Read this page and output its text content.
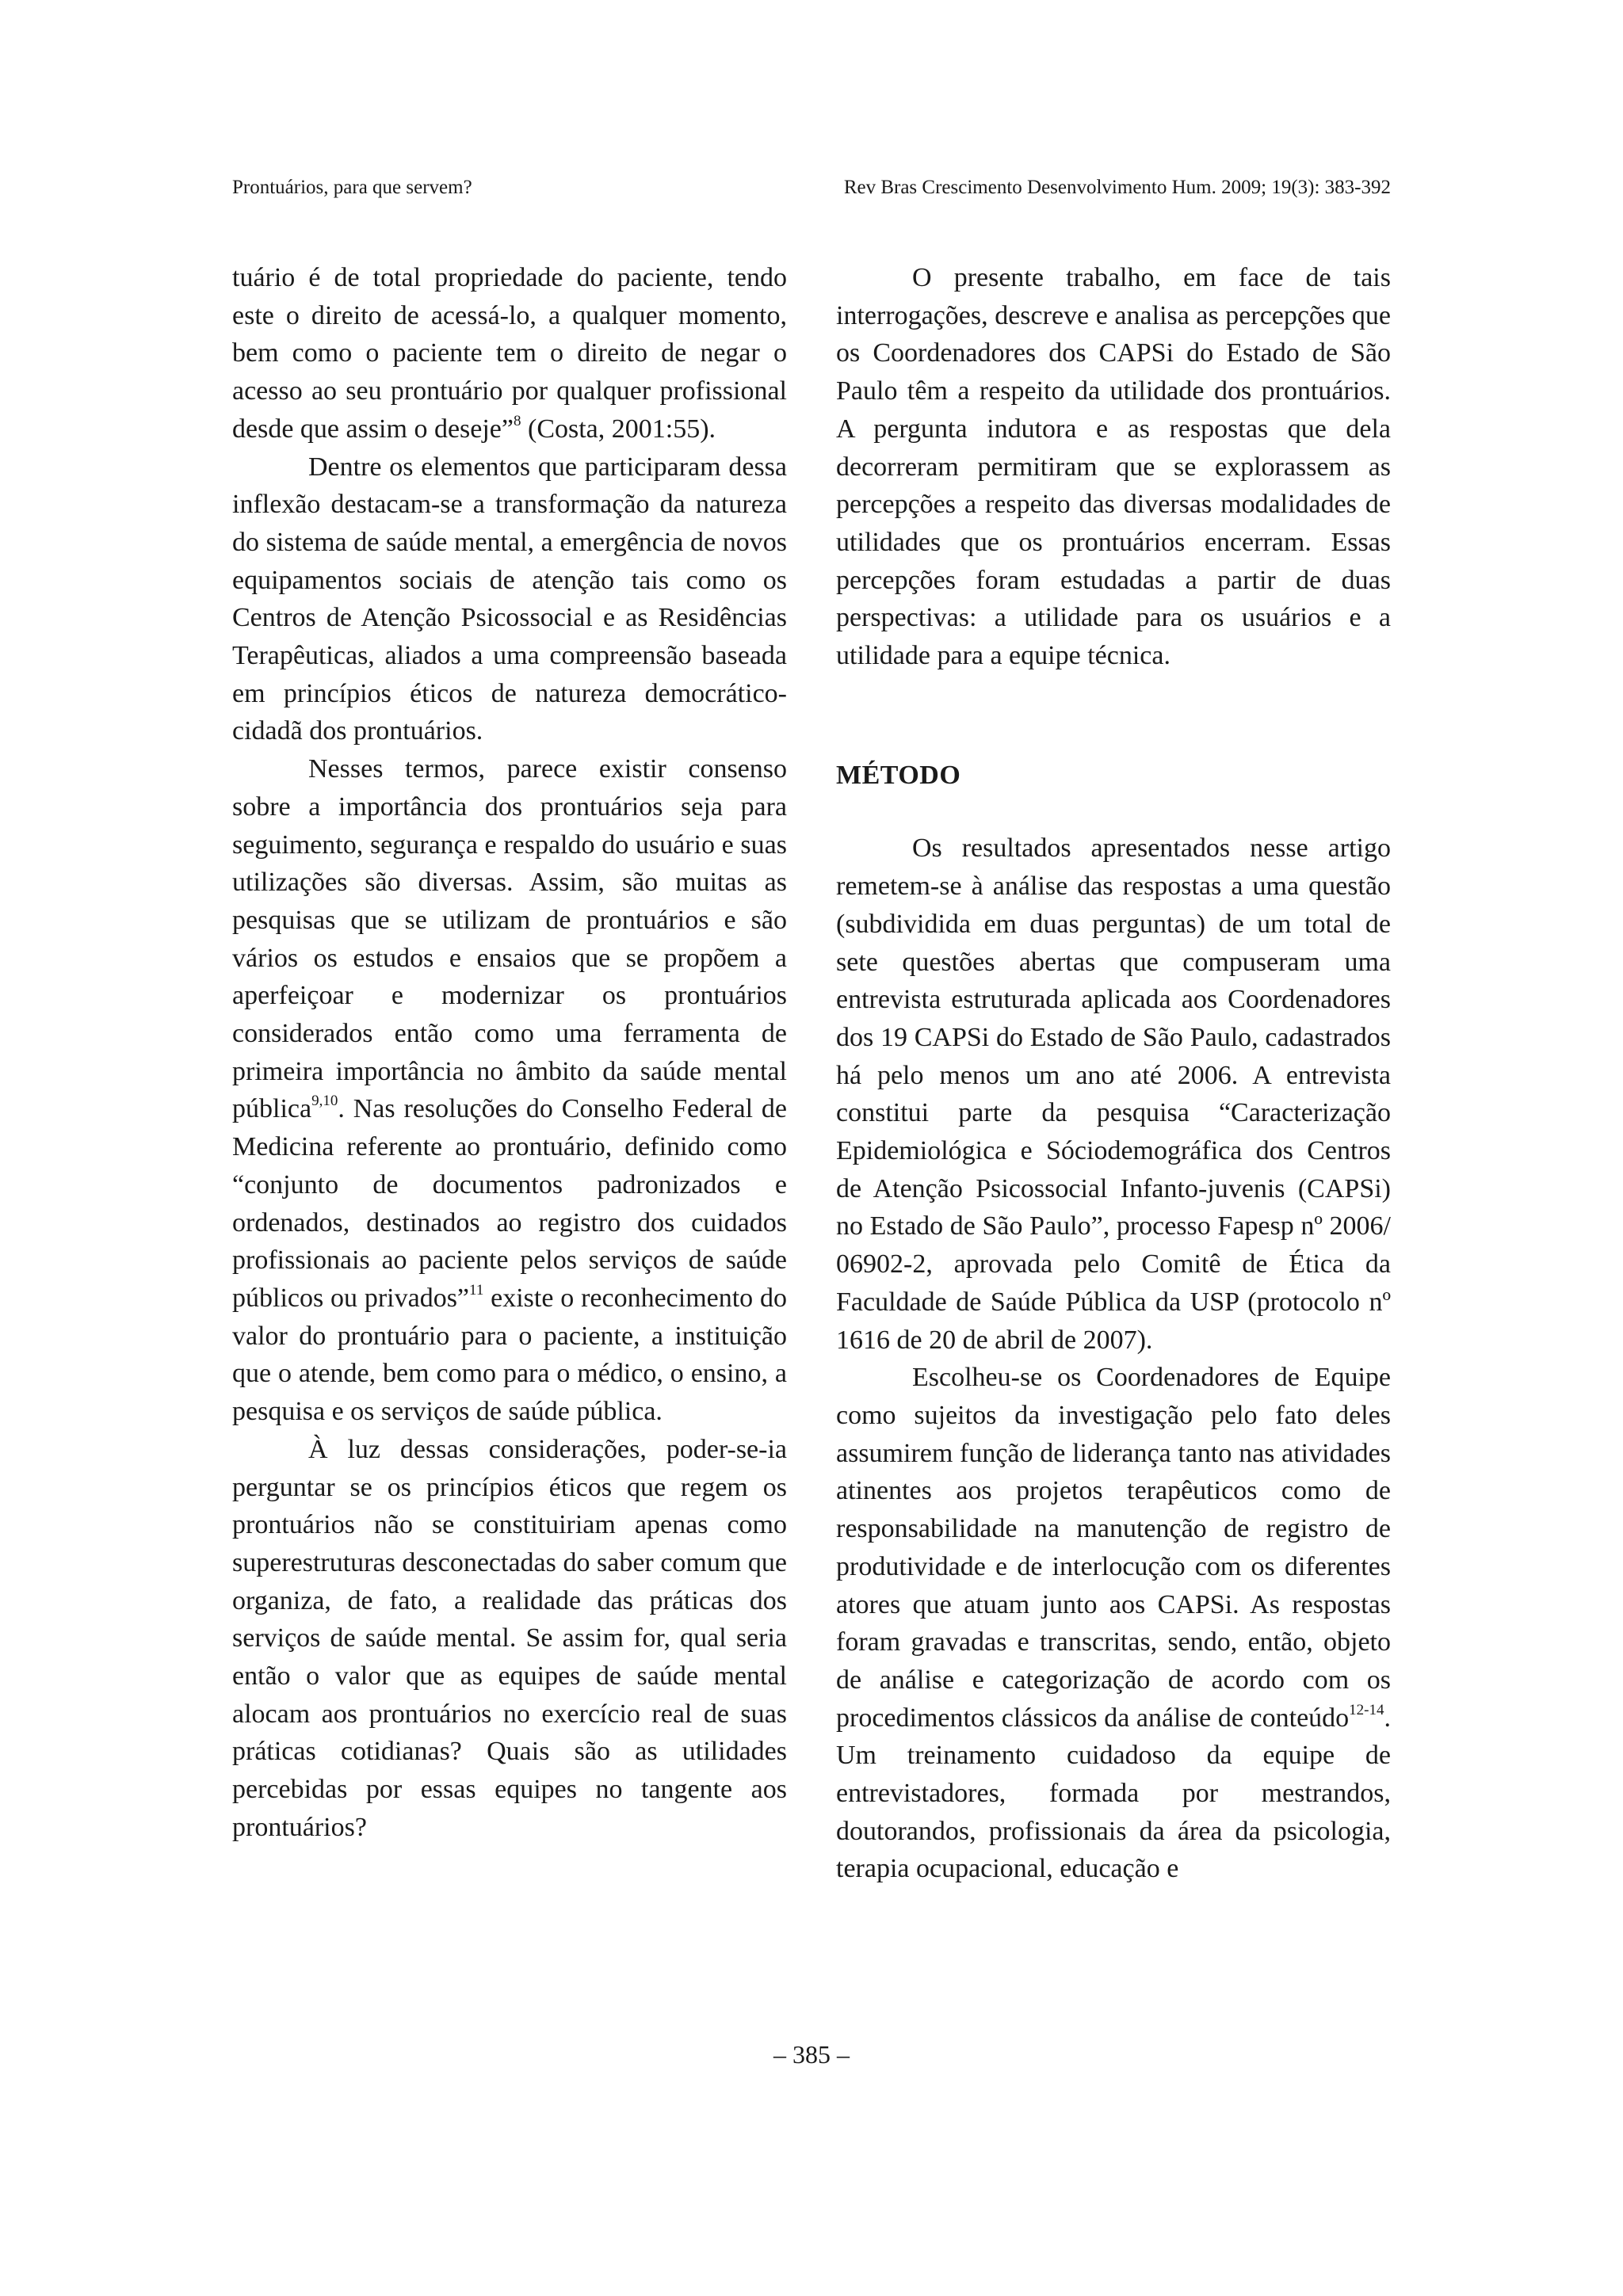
Prontuários, para que servem?	Rev Bras Crescimento Desenvolvimento Hum. 2009; 19(3): 383-392

tuário é de total propriedade do paciente, tendo este o direito de acessá-lo, a qualquer momento, bem como o paciente tem o direito de negar o acesso ao seu prontuário por qualquer profissional desde que assim o deseje”$^8$ (Costa, 2001:55).

Dentre os elementos que participaram dessa inflexão destacam-se a transformação da natureza do sistema de saúde mental, a emergência de novos equipamentos sociais de atenção tais como os Centros de Atenção Psicossocial e as Residências Terapêuticas, aliados a uma compreensão baseada em princípios éticos de natureza democrático-cidadã dos prontuários.

Nesses termos, parece existir consenso sobre a importância dos prontuários seja para seguimento, segurança e respaldo do usuário e suas utilizações são diversas. Assim, são muitas as pesquisas que se utilizam de prontuários e são vários os estudos e ensaios que se propõem a aperfeiçoar e modernizar os prontuários considerados então como uma ferramenta de primeira importância no âmbito da saúde mental pública$^{9,10}$. Nas resoluções do Conselho Federal de Medicina referente ao prontuário, definido como “conjunto de documentos padronizados e ordenados, destinados ao registro dos cuidados profissionais ao paciente pelos serviços de saúde públicos ou privados”$^{11}$ existe o reconhecimento do valor do prontuário para o paciente, a instituição que o atende, bem como para o médico, o ensino, a pesquisa e os serviços de saúde pública.

À luz dessas considerações, poder-se-ia perguntar se os princípios éticos que regem os prontuários não se constituiriam apenas como superestruturas desconectadas do saber comum que organiza, de fato, a realidade das práticas dos serviços de saúde mental. Se assim for, qual seria então o valor que as equipes de saúde mental alocam aos prontuários no exercício real de suas práticas cotidianas? Quais são as utilidades percebidas por essas equipes no tangente aos prontuários?

O presente trabalho, em face de tais interrogações, descreve e analisa as percepções que os Coordenadores dos CAPSi do Estado de São Paulo têm a respeito da utilidade dos prontuários. A pergunta indutora e as respostas que dela decorreram permitiram que se explorassem as percepções a respeito das diversas modalidades de utilidades que os prontuários encerram. Essas percepções foram estudadas a partir de duas perspectivas: a utilidade para os usuários e a utilidade para a equipe técnica.

MÉTODO

Os resultados apresentados nesse artigo remetem-se à análise das respostas a uma questão (subdividida em duas perguntas) de um total de sete questões abertas que compuseram uma entrevista estruturada aplicada aos Coordenadores dos 19 CAPSi do Estado de São Paulo, cadastrados há pelo menos um ano até 2006. A entrevista constitui parte da pesquisa “Caracterização Epidemiológica e Sóciodemográfica dos Centros de Atenção Psicossocial Infanto-juvenis (CAPSi) no Estado de São Paulo”, processo Fapesp nº 2006/ 06902-2, aprovada pelo Comitê de Ética da Faculdade de Saúde Pública da USP (protocolo nº 1616 de 20 de abril de 2007).

Escolheu-se os Coordenadores de Equipe como sujeitos da investigação pelo fato deles assumirem função de liderança tanto nas atividades atinentes aos projetos terapêuticos como de responsabilidade na manutenção de registro de produtividade e de interlocução com os diferentes atores que atuam junto aos CAPSi. As respostas foram gravadas e transcritas, sendo, então, objeto de análise e categorização de acordo com os procedimentos clássicos da análise de conteúdo$^{12-14}$. Um treinamento cuidadoso da equipe de entrevistadores, formada por mestrandos, doutorandos, profissionais da área da psicologia, terapia ocupacional, educação e

– 385 –
